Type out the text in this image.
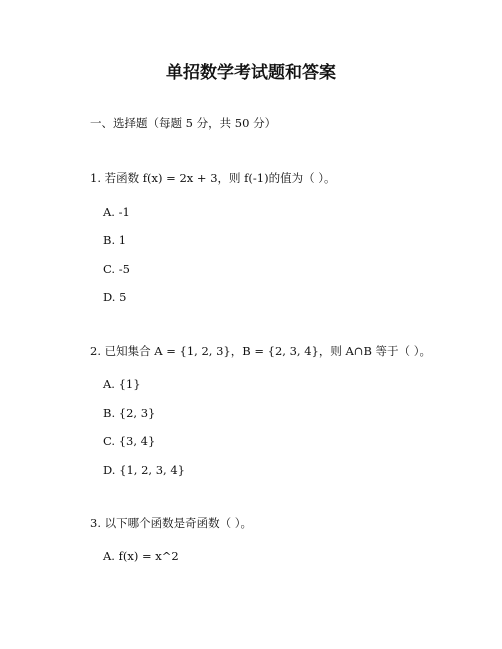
单招数学考试题和答案
一、选择题（每题 5 分，共 50 分）
1. 若函数 f(x) = 2x + 3，则 f(-1)的值为（ ）。
A. -1
B. 1
C. -5
D. 5
2. 已知集合 A = {1, 2, 3}，B = {2, 3, 4}，则 A∩B 等于（ ）。
A. {1}
B. {2, 3}
C. {3, 4}
D. {1, 2, 3, 4}
3. 以下哪个函数是奇函数（ ）。
A. f(x) = x^2
